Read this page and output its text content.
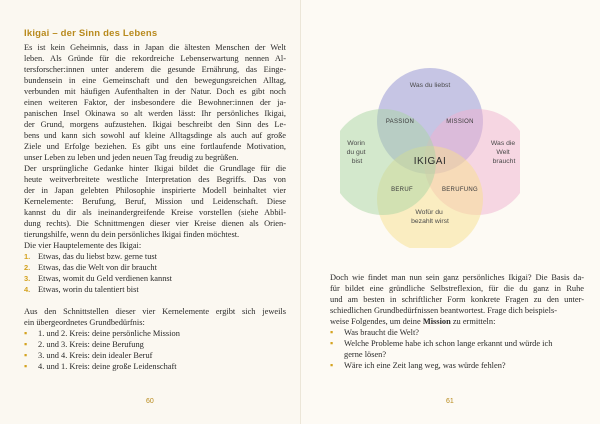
Ikigai – der Sinn des Lebens
Es ist kein Geheimnis, dass in Japan die ältesten Menschen der Welt
leben. Als Gründe für die rekordreiche Lebenserwartung nennen Al-
tersforscher:innen unter anderem die gesunde Ernährung, das Einge-
bundensein in eine Gemeinschaft und den bewegungsreichen Alltag,
verbunden mit häufigen Aufenthalten in der Natur. Doch es gibt noch
einen weiteren Faktor, der insbesondere die Bewohner:innen der ja-
panischen Insel Okinawa so alt werden lässt: Ihr persönliches Ikigai,
der Grund, morgens aufzustehen. Ikigai beschreibt den Sinn des Le-
bens und kann sich sowohl auf kleine Alltagsdinge als auch auf große
Ziele und Erfolge beziehen. Es gibt uns eine fortlaufende Motivation,
unser Leben zu leben und jeden neuen Tag freudig zu begrüßen.
Der ursprüngliche Gedanke hinter Ikigai bildet die Grundlage für die
heute weitverbreitete westliche Interpretation des Begriffs. Das von
der in Japan gelebten Philosophie inspirierte Modell beinhaltet vier
Kernelemente: Berufung, Beruf, Mission und Leidenschaft. Diese
kannst du dir als ineinandergreifende Kreise vorstellen (siehe Abbil-
dung rechts). Die Schnittmengen dieser vier Kreise dienen als Orien-
tierungshilfe, wenn du dein persönliches Ikigai finden möchtest.
Die vier Hauptelemente des Ikigai:
1. Etwas, das du liebst bzw. gerne tust
2. Etwas, das die Welt von dir braucht
3. Etwas, womit du Geld verdienen kannst
4. Etwas, worin du talentiert bist
Aus den Schnittstellen dieser vier Kernelemente ergibt sich jeweils
ein übergeordnetes Grundbedürfnis:
▪	1. und 2. Kreis: deine persönliche Mission
▪	2. und 3. Kreis: deine Berufung
▪	3. und 4. Kreis: dein idealer Beruf
▪	4. und 1. Kreis: deine große Leidenschaft
60
Was du liebst
Was die Welt braucht
Wofür du bezahlt wirst
Worin du gut bist
PASSION	MISSION
BERUF	BERUFUNG
IKIGAI
Doch wie findet man nun sein ganz persönliches Ikigai? Die Basis da-
für bildet eine gründliche Selbstreflexion, für die du ganz in Ruhe
und am besten in schriftlicher Form konkrete Fragen zu den unter-
schiedlichen Grundbedürfnissen beantwortest. Frage dich beispiels-
weise Folgendes, um deine Mission zu ermitteln:
▪	Was braucht die Welt?
▪	Welche Probleme habe ich schon lange erkannt und würde ich
gerne lösen?
▪	Wäre ich eine Zeit lang weg, was würde fehlen?
61
